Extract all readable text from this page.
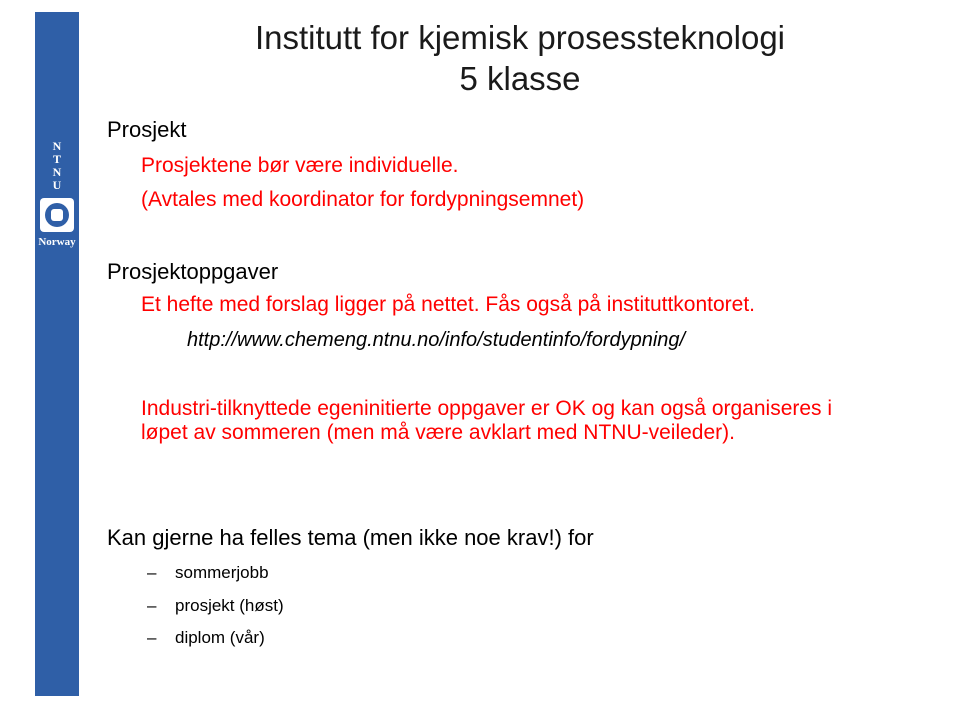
N
T
N
U
Norway
Institutt for kjemisk prosessteknologi
5 klasse
Prosjekt
Prosjektene bør være individuelle.
(Avtales med koordinator for fordypningsemnet)
Prosjektoppgaver
Et hefte med forslag ligger på nettet. Fås også på instituttkontoret.
http://www.chemeng.ntnu.no/info/studentinfo/fordypning/
Industri-tilknyttede egeninitierte oppgaver er OK og kan også organiseres i løpet av sommeren (men må være avklart med NTNU-veileder).
Kan gjerne ha felles tema (men ikke noe krav!) for
– sommerjobb
– prosjekt (høst)
– diplom (vår)
